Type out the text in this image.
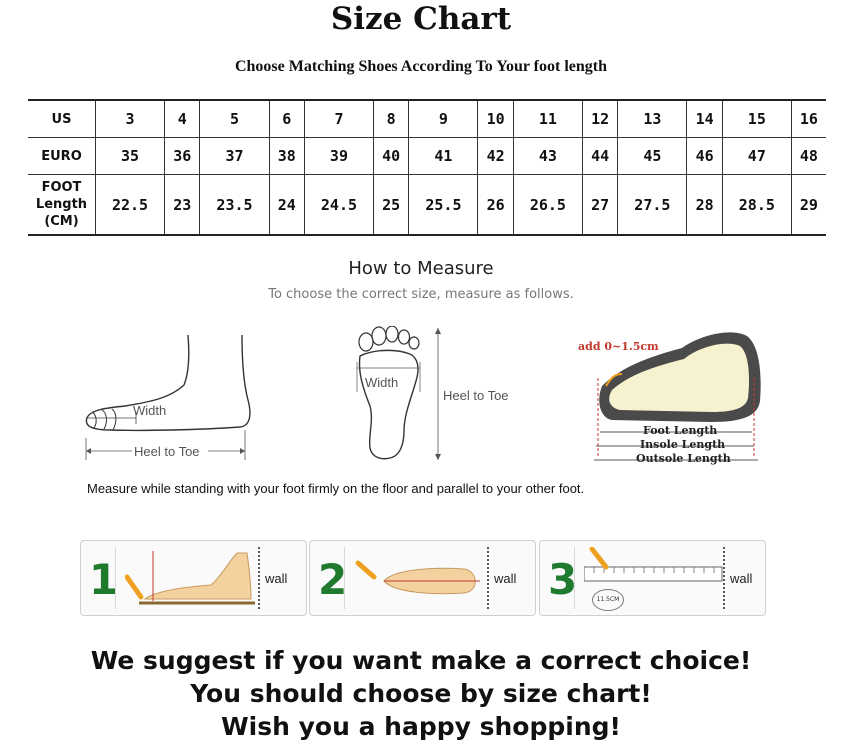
Size Chart
Choose Matching Shoes According To Your foot length
US	3	4	5	6	7	8	9	10	11	12	13	14	15	16
EURO	35	36	37	38	39	40	41	42	43	44	45	46	47	48

FOOT
Length
(CM)	22.5	23	23.5	24	24.5	25	25.5	26	26.5	27	27.5	28	28.5	29
How to Measure
To choose the correct size, measure as follows.
Width
Heel to Toe
Width
Heel to Toe
add 0~1.5cm
Foot Length
Insole Length
Outsole Length
Measure while standing with your foot firmly on the floor and parallel to your other foot.
1	wall 2	wall 3	11.5CM
wall
We suggest if you want make a correct choice!
You should choose by size chart!
Wish you a happy shopping!
